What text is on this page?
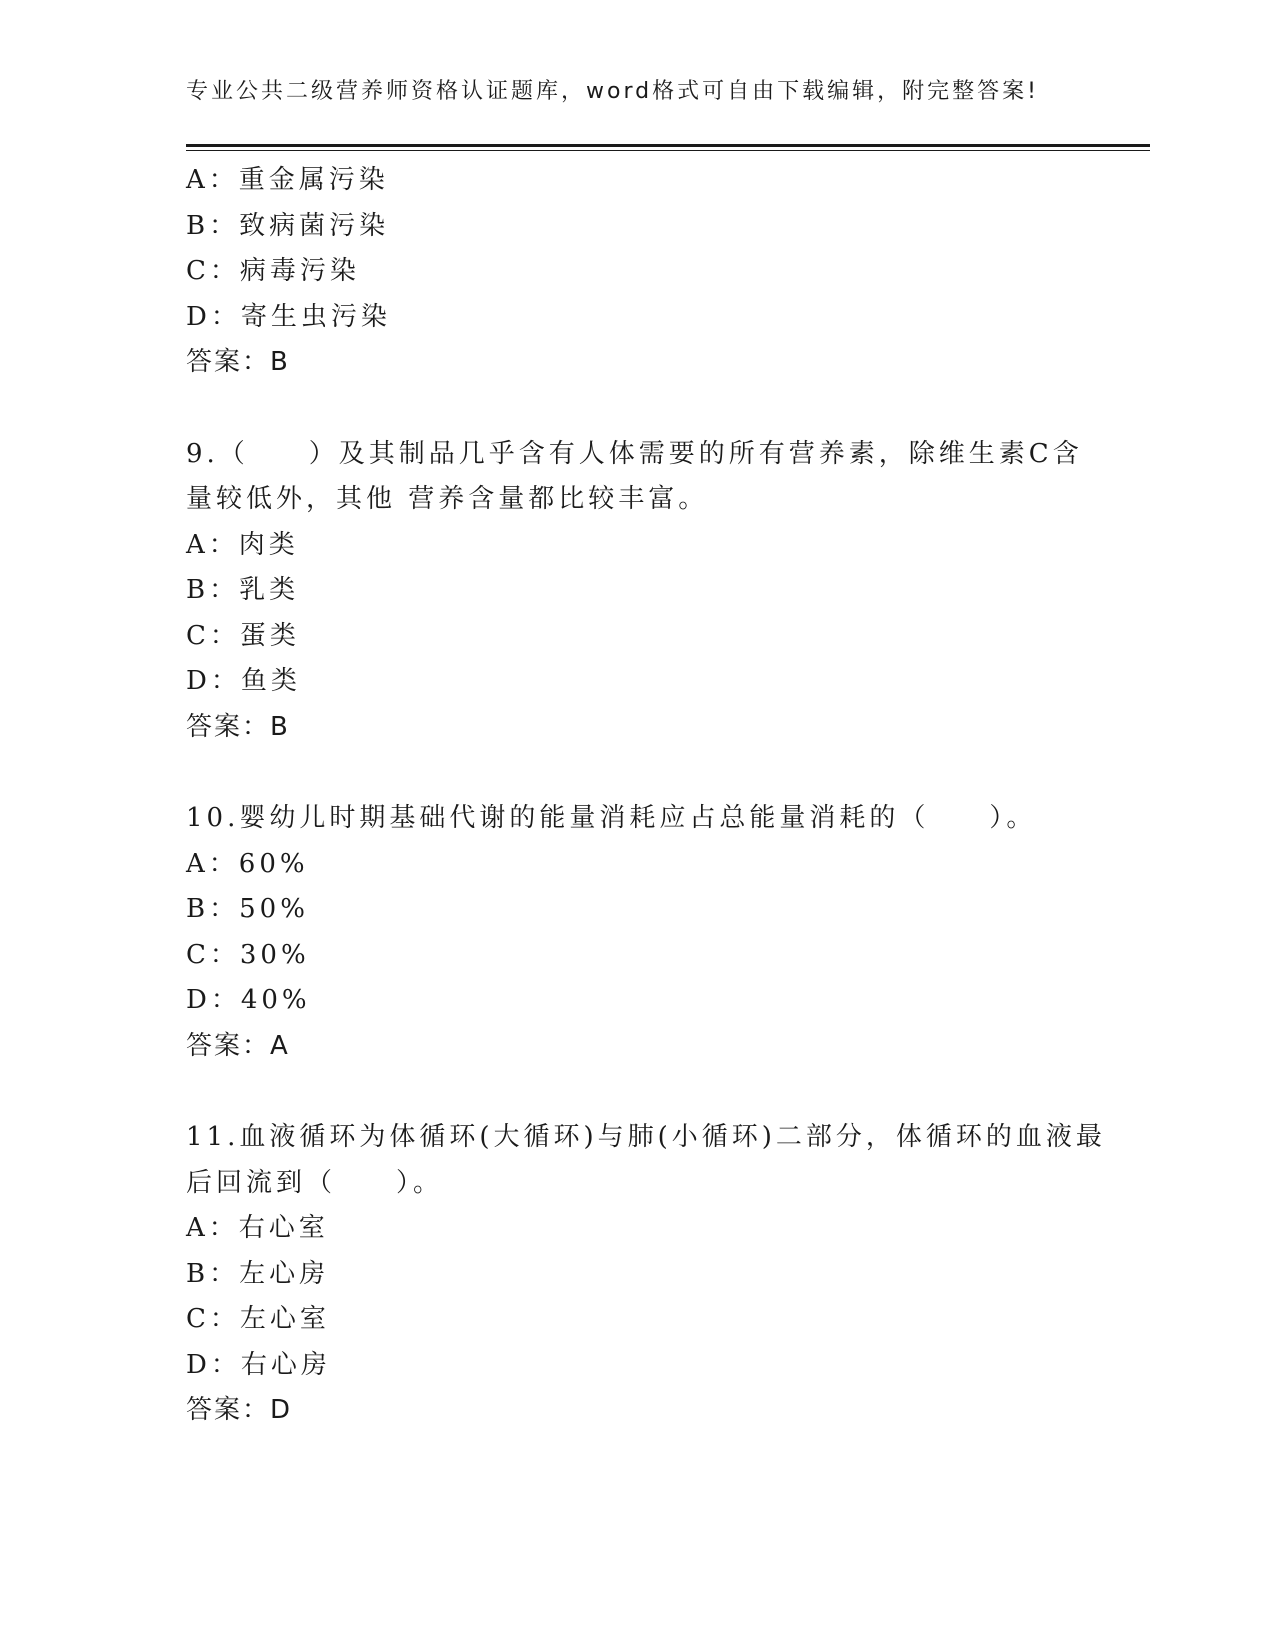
专业公共二级营养师资格认证题库，word格式可自由下载编辑，附完整答案!
A：重金属污染
B：致病菌污染
C：病毒污染
D：寄生虫污染
答案：B
9.（　　）及其制品几乎含有人体需要的所有营养素，除维生素C含
量较低外，其他 营养含量都比较丰富。
A：肉类
B：乳类
C：蛋类
D：鱼类
答案：B
10.婴幼儿时期基础代谢的能量消耗应占总能量消耗的（　　）。
A：60%
B：50%
C：30%
D：40%
答案：A
11.血液循环为体循环(大循环)与肺(小循环)二部分，体循环的血液最
后回流到（　　）。
A：右心室
B：左心房
C：左心室
D：右心房
答案：D
